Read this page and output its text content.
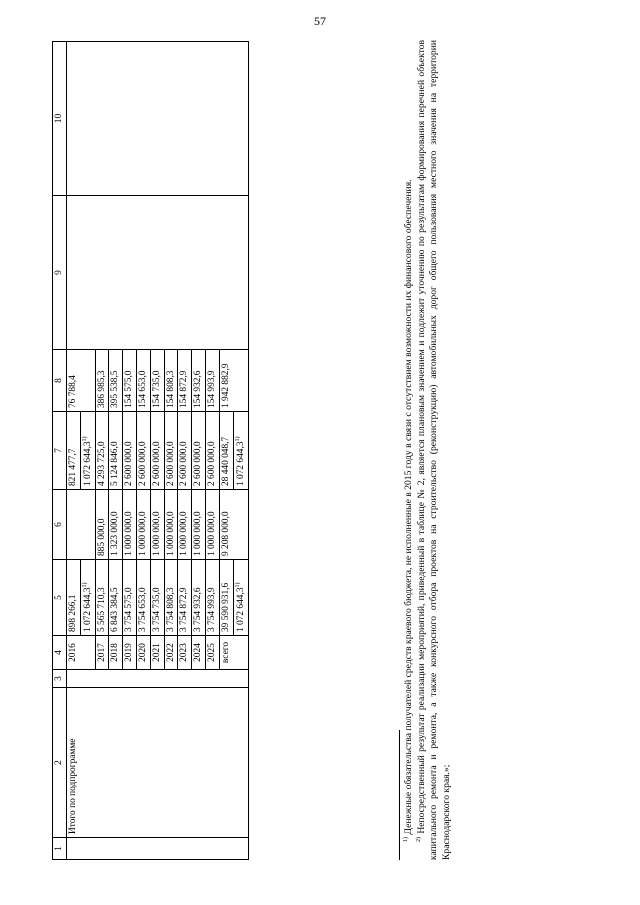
57
1	2	3	4	5	6	7	8	9	10
	Итого по подпрограмме		2016	898 266,1		821 477,7	76 788,4		
				1 072 644,3$^{1)}$		1 072 644,3$^{1)}$
			2017	5 565 710,3	885 000,0	4 293 725,0	386 985,3		
			2018	6 843 384,5	1 323 000,0	5 124 846,0	395 538,5		
			2019	3 754 575,0	1 000 000,0	2 600 000,0	154 575,0		
			2020	3 754 653,0	1 000 000,0	2 600 000,0	154 653,0		
			2021	3 754 735,0	1 000 000,0	2 600 000,0	154 735,0		
			2022	3 754 808,3	1 000 000,0	2 600 000,0	154 808,3		
			2023	3 754 872,9	1 000 000,0	2 600 000,0	154 872,9		
			2024	3 754 932,6	1 000 000,0	2 600 000,0	154 932,6		
			2025	3 754 993,9	1 000 000,0	2 600 000,0	154 993,9		
			всего	39 590 931,6	9 208 000,0	28 440 048,7	1 942 882,9		
				1 072 644,3$^{1)}$		1 072 644,3$^{1)}$

$^{1)}$ Денежные обязательства получателей средств краевого бюджета, не исполненные в 2015 году в связи с отсутствием возможности их финансового обеспечения.

$^{2)}$ Непосредственный результат реализации мероприятий, приведенный в таблице № 2, является плановым значением и подлежит уточнению по результатам формирования перечней объектов капитального ремонта и ремонта, а также конкурсного отбора проектов на строительство (реконструкцию) автомобильных дорог общего пользования местного значения на территории Краснодарского края.»;
